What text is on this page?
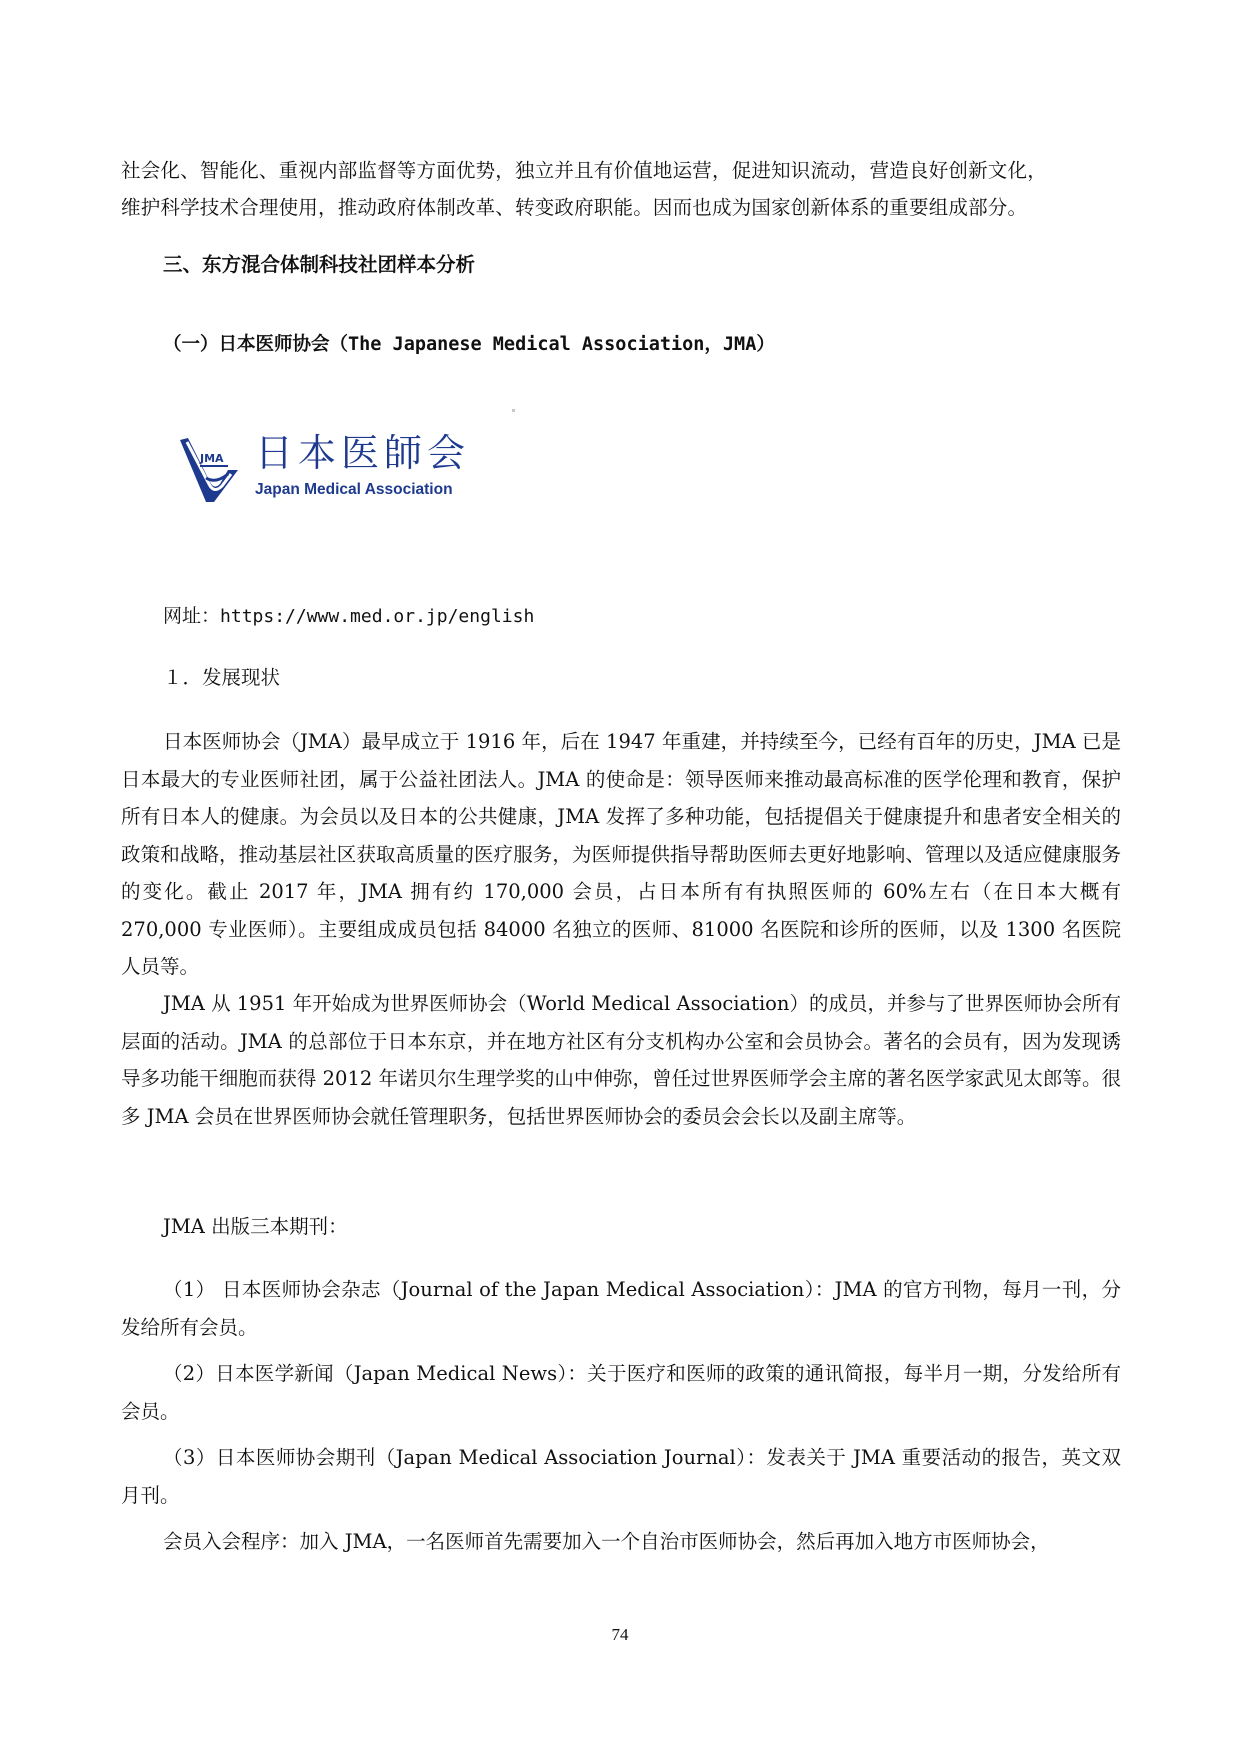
社会化、智能化、重视内部监督等方面优势，独立并且有价值地运营，促进知识流动，营造良好创新文化，
维护科学技术合理使用，推动政府体制改革、转变政府职能。因而也成为国家创新体系的重要组成部分。
三、东方混合体制科技社团样本分析
（一）日本医师协会（The Japanese Medical Association，JMA）
JMA 日本医師会
Japan Medical Association
网址：https://www.med.or.jp/english
１．发展现状
日本医师协会（JMA）最早成立于 1916 年，后在 1947 年重建，并持续至今，已经有百年的历史，JMA 已是日本最大的专业医师社团，属于公益社团法人。JMA 的使命是：领导医师来推动最高标准的医学伦理和教育，保护所有日本人的健康。为会员以及日本的公共健康，JMA 发挥了多种功能，包括提倡关于健康提升和患者安全相关的政策和战略，推动基层社区获取高质量的医疗服务，为医师提供指导帮助医师去更好地影响、管理以及适应健康服务的变化。截止 2017 年，JMA 拥有约 170,000 会员，占日本所有有执照医师的 60%左右（在日本大概有 270,000 专业医师）。主要组成成员包括 84000 名独立的医师、81000 名医院和诊所的医师，以及 1300 名医院人员等。
JMA 从 1951 年开始成为世界医师协会（World Medical Association）的成员，并参与了世界医师协会所有层面的活动。JMA 的总部位于日本东京，并在地方社区有分支机构办公室和会员协会。著名的会员有，因为发现诱导多功能干细胞而获得 2012 年诺贝尔生理学奖的山中伸弥，曾任过世界医师学会主席的著名医学家武见太郎等。很多 JMA 会员在世界医师协会就任管理职务，包括世界医师协会的委员会会长以及副主席等。
JMA 出版三本期刊：
（1） 日本医师协会杂志（Journal of the Japan Medical Association）：JMA 的官方刊物，每月一刊，分发给所有会员。
（2）日本医学新闻（Japan Medical News）：关于医疗和医师的政策的通讯简报，每半月一期，分发给所有会员。
（3）日本医师协会期刊（Japan Medical Association Journal）：发表关于 JMA 重要活动的报告，英文双月刊。
会员入会程序：加入 JMA，一名医师首先需要加入一个自治市医师协会，然后再加入地方市医师协会，
74
